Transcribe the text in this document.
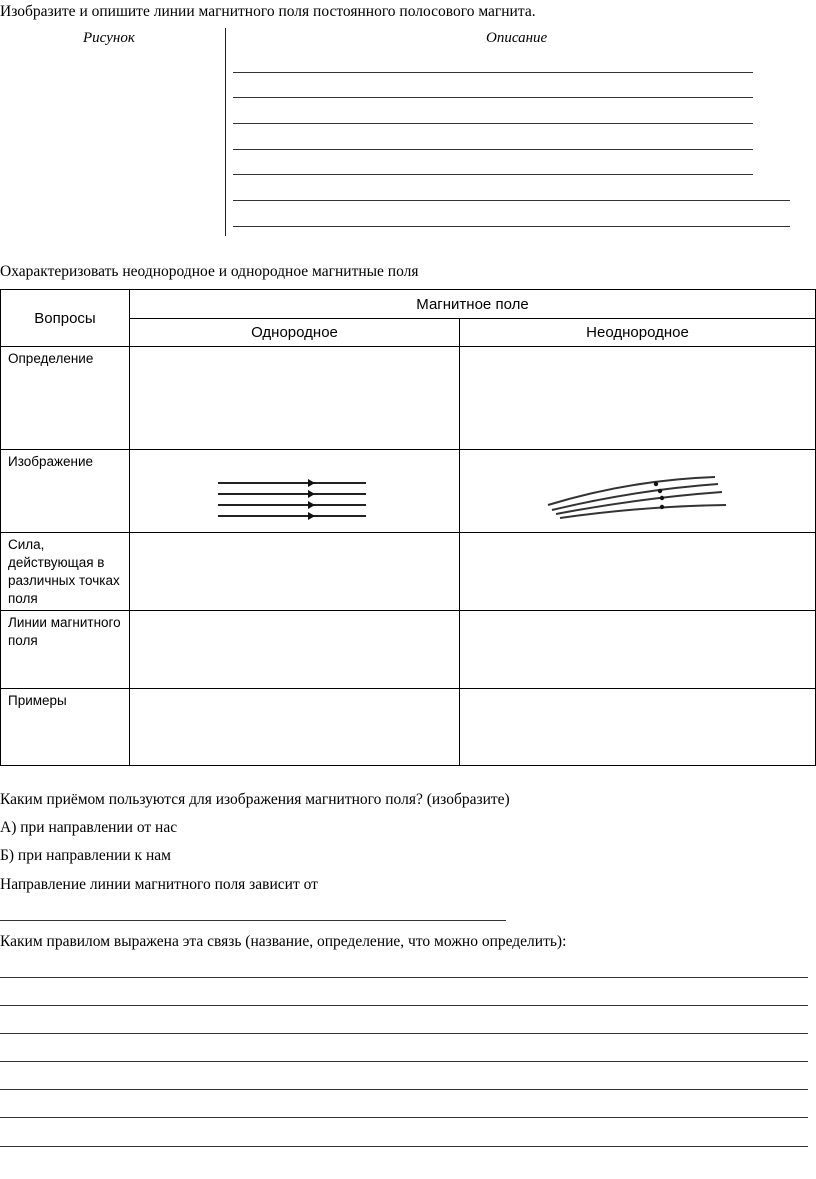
Изобразите и опишите линии магнитного поля постоянного полосового магнита.
Рисунок	Описание
Охарактеризовать неоднородное и однородное магнитные поля
Вопросы	Магнитное поле	
	Однородное	Неоднородное
Определение		
Изображение	

Сила, действующая в различных точках поля		
Линии магнитного поля		
Примеры		
Каким приёмом пользуются для изображения магнитного поля? (изобразите)
А) при направлении от нас
Б) при направлении к нам
Направление линии магнитного поля зависит от
Каким правилом выражена эта связь (название, определение, что можно определить):
